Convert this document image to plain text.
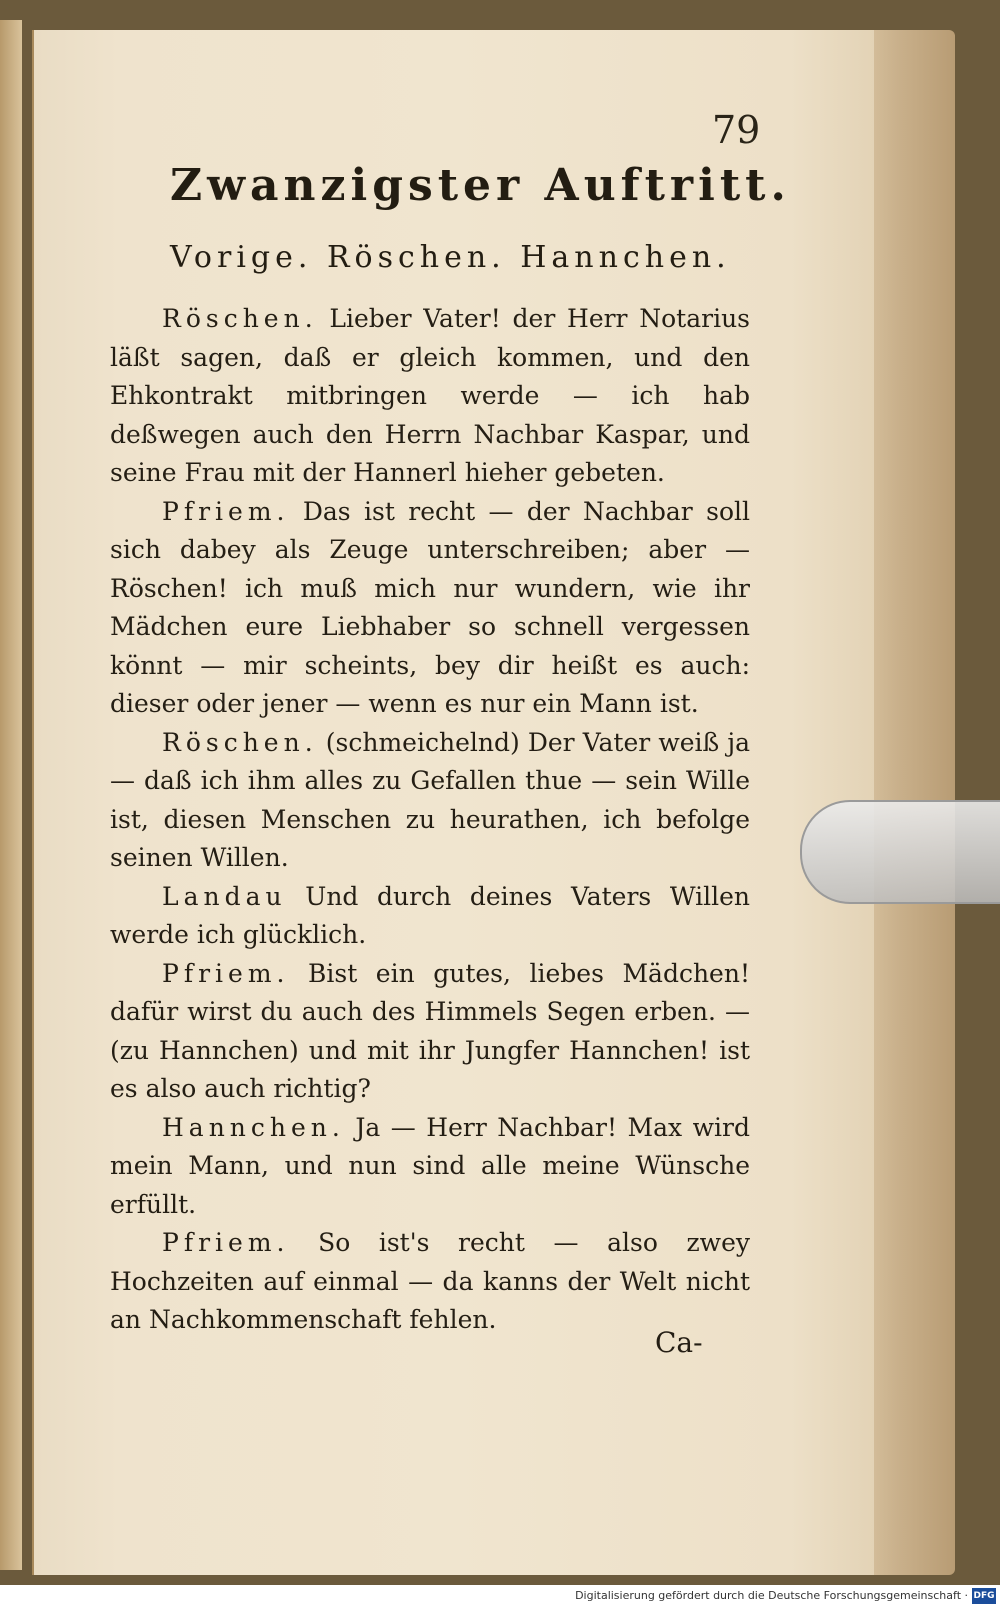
79
Zwanzigster Auftritt.
Vorige. Röschen. Hannchen.

Röschen. Lieber Vater! der Herr Notarius läßt sagen, daß er gleich kommen, und den Ehkontrakt mitbringen werde — ich hab deßwegen auch den Herrn Nachbar Kaspar, und seine Frau mit der Hannerl hieher gebeten.

Pfriem. Das ist recht — der Nachbar soll sich dabey als Zeuge unterschreiben; aber — Röschen! ich muß mich nur wundern, wie ihr Mädchen eure Liebhaber so schnell vergessen könnt — mir scheints, bey dir heißt es auch: dieser oder jener — wenn es nur ein Mann ist.

Röschen. (schmeichelnd) Der Vater weiß ja — daß ich ihm alles zu Gefallen thue — sein Wille ist, diesen Menschen zu heurathen, ich befolge seinen Willen.

Landau Und durch deines Vaters Willen werde ich glücklich.

Pfriem. Bist ein gutes, liebes Mädchen! dafür wirst du auch des Himmels Segen erben. — (zu Hannchen) und mit ihr Jungfer Hannchen! ist es also auch richtig?

Hannchen. Ja — Herr Nachbar! Max wird mein Mann, und nun sind alle meine Wünsche erfüllt.

Pfriem. So ist's recht — also zwey Hochzeiten auf einmal — da kanns der Welt nicht an Nachkommenschaft fehlen.

Ca-
Digitalisierung gefördert durch die Deutsche Forschungsgemeinschaft · DFG
